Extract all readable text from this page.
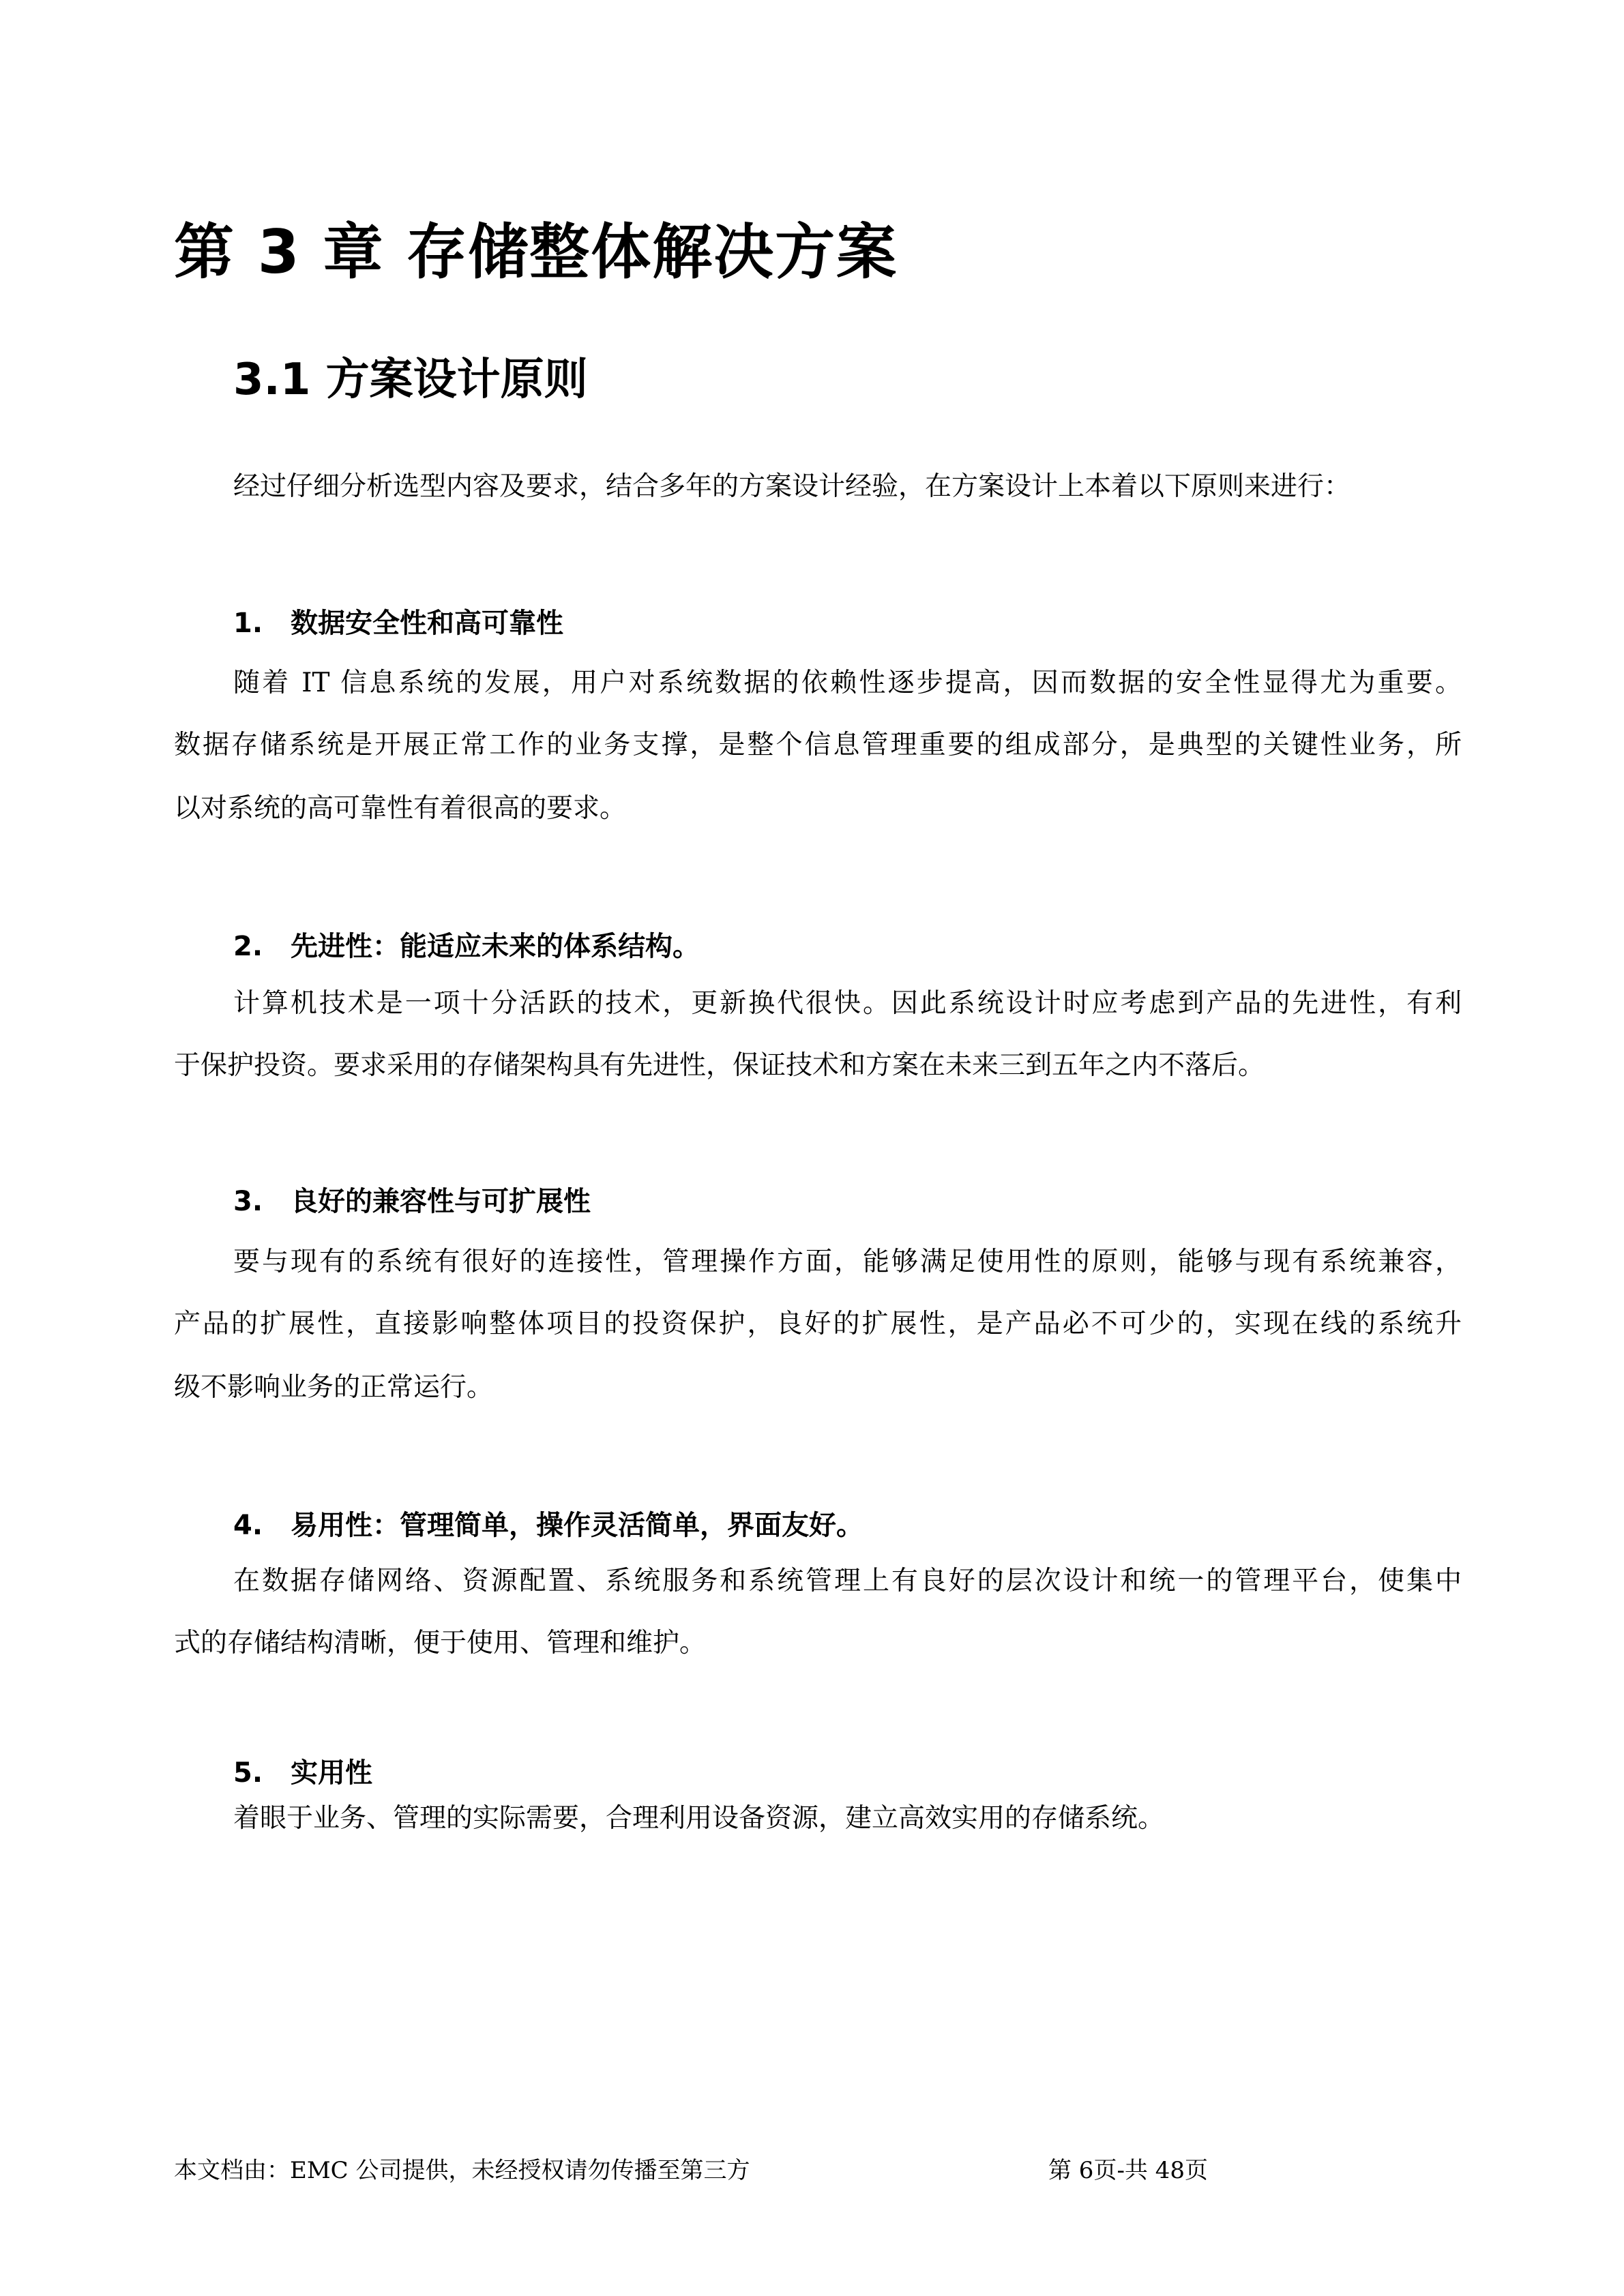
第 3 章 存储整体解决方案
3.1 方案设计原则
经过仔细分析选型内容及要求，结合多年的方案设计经验，在方案设计上本着以下原则来进行：
1. 数据安全性和高可靠性
随着 IT 信息系统的发展，用户对系统数据的依赖性逐步提高，因而数据的安全性显得尤为重要。
数据存储系统是开展正常工作的业务支撑，是整个信息管理重要的组成部分，是典型的关键性业务，所
以对系统的高可靠性有着很高的要求。
2. 先进性：能适应未来的体系结构。
计算机技术是一项十分活跃的技术，更新换代很快。因此系统设计时应考虑到产品的先进性，有利
于保护投资。要求采用的存储架构具有先进性，保证技术和方案在未来三到五年之内不落后。
3. 良好的兼容性与可扩展性
要与现有的系统有很好的连接性，管理操作方面，能够满足使用性的原则，能够与现有系统兼容，
产品的扩展性，直接影响整体项目的投资保护，良好的扩展性，是产品必不可少的，实现在线的系统升
级不影响业务的正常运行。
4. 易用性：管理简单，操作灵活简单，界面友好。
在数据存储网络、资源配置、系统服务和系统管理上有良好的层次设计和统一的管理平台，使集中
式的存储结构清晰，便于使用、管理和维护。
5. 实用性
着眼于业务、管理的实际需要，合理利用设备资源，建立高效实用的存储系统。
本文档由：EMC 公司提供，未经授权请勿传播至第三方	第 6页-共 48页
